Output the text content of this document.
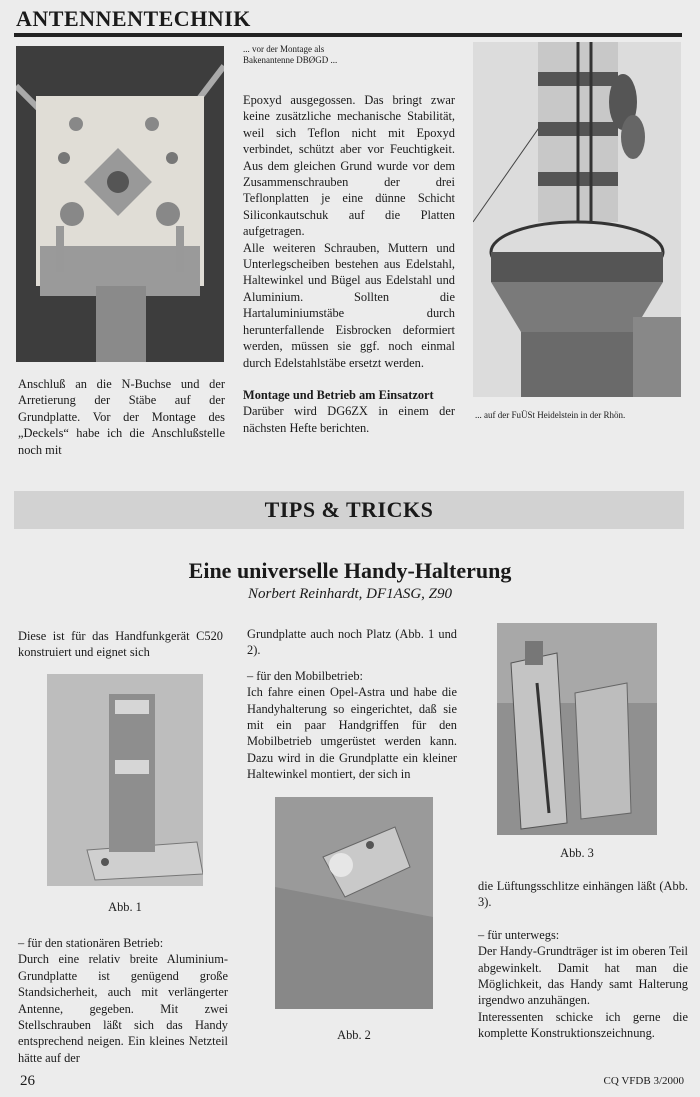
ANTENNENTECHNIK
Anschluß an die N-Buchse und der Arretierung der Stäbe auf der Grundplatte. Vor der Montage des „Deckels“ habe ich die Anschlußstelle noch mit
... vor der Montage als Bakenantenne DBØGD ...

Epoxyd ausgegossen. Das bringt zwar keine zusätzliche mechanische Stabilität, weil sich Teflon nicht mit Epoxyd verbindet, schützt aber vor Feuchtigkeit. Aus dem gleichen Grund wurde vor dem Zusammenschrauben der drei Teflonplatten je eine dünne Schicht Siliconkautschuk auf die Platten aufgetragen.

Alle weiteren Schrauben, Muttern und Unterlegscheiben bestehen aus Edelstahl, Haltewinkel und Bügel aus Edelstahl und Aluminium. Sollten die Hartaluminiumstäbe durch herunterfallende Eisbrocken deformiert werden, müssen sie ggf. noch einmal durch Edelstahlstäbe ersetzt werden.

Montage und Betrieb am Einsatzort

Darüber wird DG6ZX in einem der nächsten Hefte berichten.

... auf der FuÜSt Heidelstein in der Rhön.
TIPS & TRICKS
Eine universelle Handy-Halterung
Norbert Reinhardt, DF1ASG, Z90
Diese ist für das Handfunkgerät C520 konstruiert und eignet sich
Abb. 1

– für den stationären Betrieb:

Durch eine relativ breite Aluminium-Grundplatte ist genügend große Standsicherheit, auch mit verlängerter Antenne, gegeben. Mit zwei Stellschrauben läßt sich das Handy entsprechend neigen. Ein kleines Netzteil hätte auf der

Grundplatte auch noch Platz (Abb. 1 und 2).

– für den Mobilbetrieb:

Ich fahre einen Opel-Astra und habe die Handyhalterung so eingerichtet, daß sie mit ein paar Handgriffen für den Mobilbetrieb umgerüstet werden kann. Dazu wird in die Grundplatte ein kleiner Haltewinkel montiert, der sich in

Abb. 2
Abb. 3

die Lüftungsschlitze einhängen läßt (Abb. 3).

– für unterwegs:

Der Handy-Grundträger ist im oberen Teil abgewinkelt. Damit hat man die Möglichkeit, das Handy samt Halterung irgendwo anzuhängen.

Interessenten schicke ich gerne die komplette Konstruktionszeichnung.

26	CQ VFDB 3/2000
